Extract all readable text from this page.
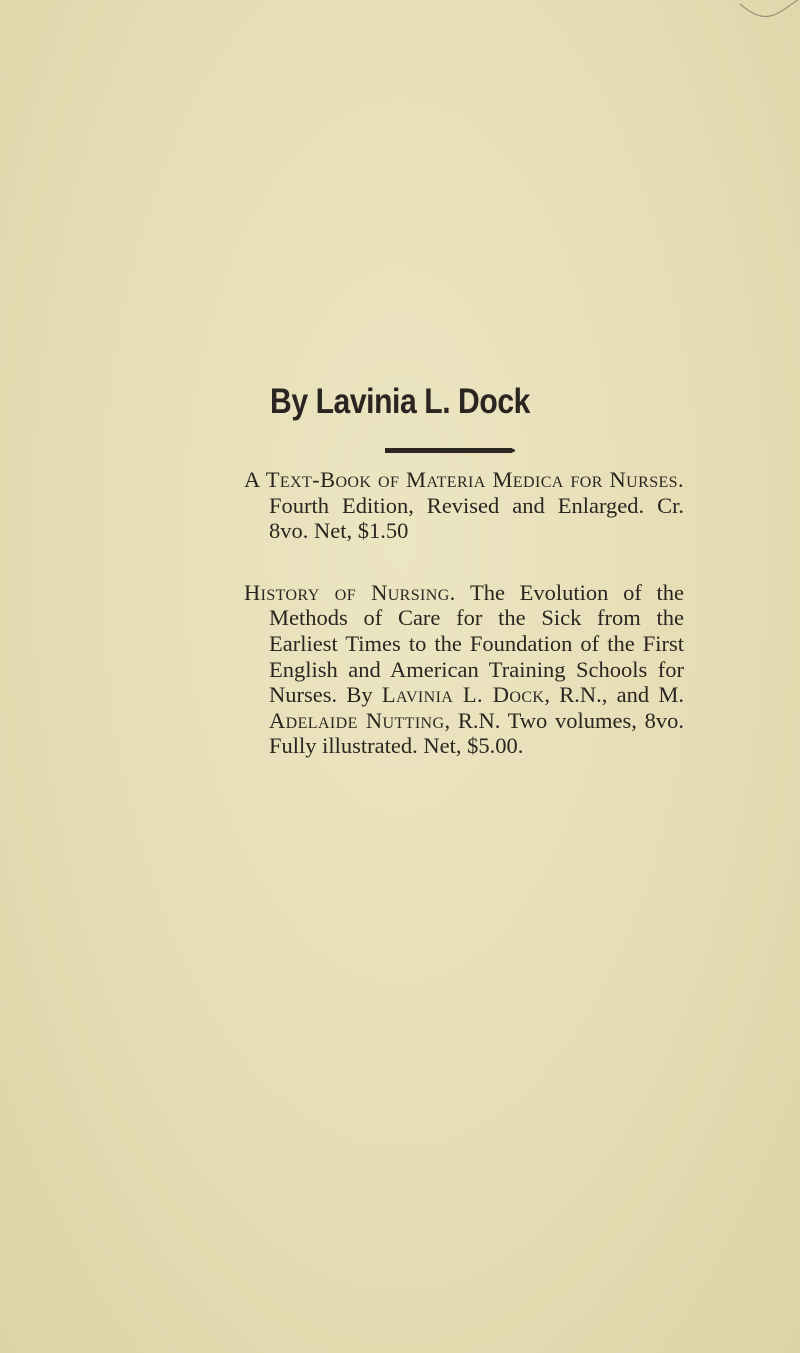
By Lavinia L. Dock

A Text-Book of Materia Medica for Nurses. Fourth Edition, Revised and Enlarged. Cr. 8vo. Net, $1.50

History of Nursing. The Evolution of the Methods of Care for the Sick from the Earliest Times to the Foundation of the First English and American Training Schools for Nurses. By Lavinia L. Dock, R.N., and M. Adelaide Nutting, R.N. Two volumes, 8vo. Fully illustrated. Net, $5.00.
